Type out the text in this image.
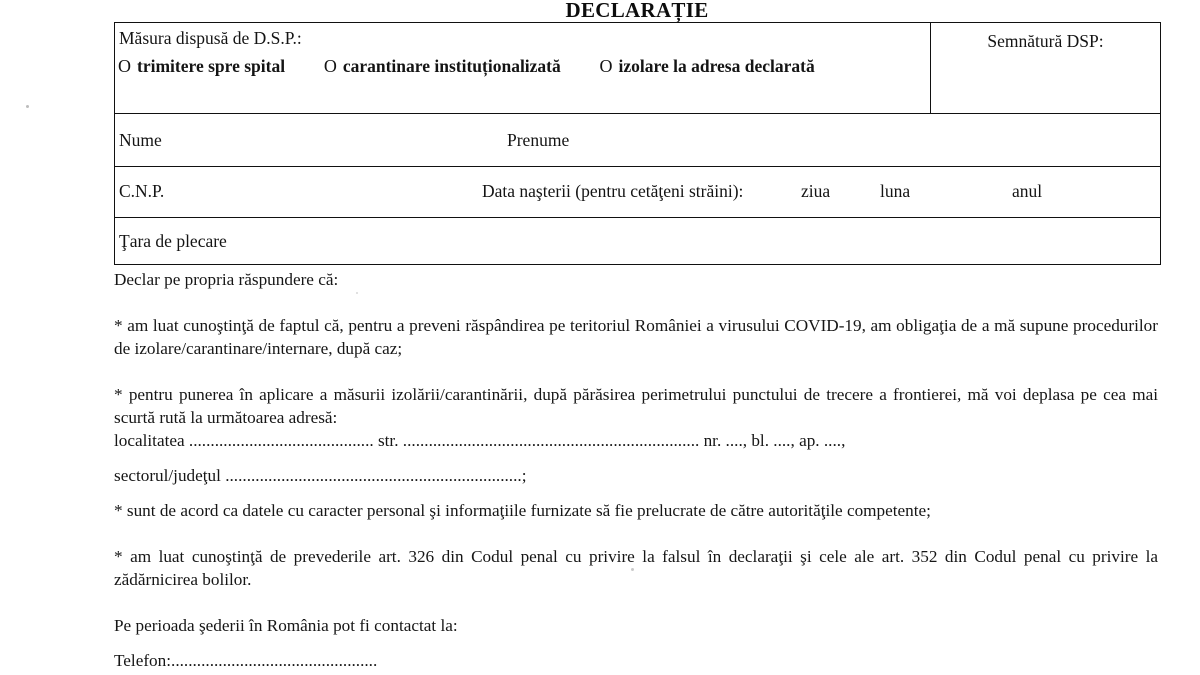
DECLARAȚIE
Măsura dispusă de D.S.P.:
O trimitere spre spital O carantinare instituționalizată O izolare la adresa declarată

Semnătură DSP:

Nume	Prenume

C.N.P.	Data naşterii (pentru cetăţeni străini):	ziua	luna	anul

Ţara de plecare

Declar pe propria răspundere că:

* am luat cunoştinţă de faptul că, pentru a preveni răspândirea pe teritoriul României a virusului COVID-19, am obligaţia de a mă supune procedurilor de izolare/carantinare/internare, după caz;

* pentru punerea în aplicare a măsurii izolării/carantinării, după părăsirea perimetrului punctului de trecere a frontierei, mă voi deplasa pe cea mai scurtă rută la următoarea adresă:

localitatea ........................................... str. ..................................................................... nr. ...., bl. ...., ap. ....,

sectorul/judeţul .....................................................................;

* sunt de acord ca datele cu caracter personal şi informaţiile furnizate să fie prelucrate de către autorităţile competente;

* am luat cunoştinţă de prevederile art. 326 din Codul penal cu privire la falsul în declaraţii şi cele ale art. 352 din Codul penal cu privire la zădărnicirea bolilor.

Pe perioada şederii în România pot fi contactat la:

Telefon:................................................
